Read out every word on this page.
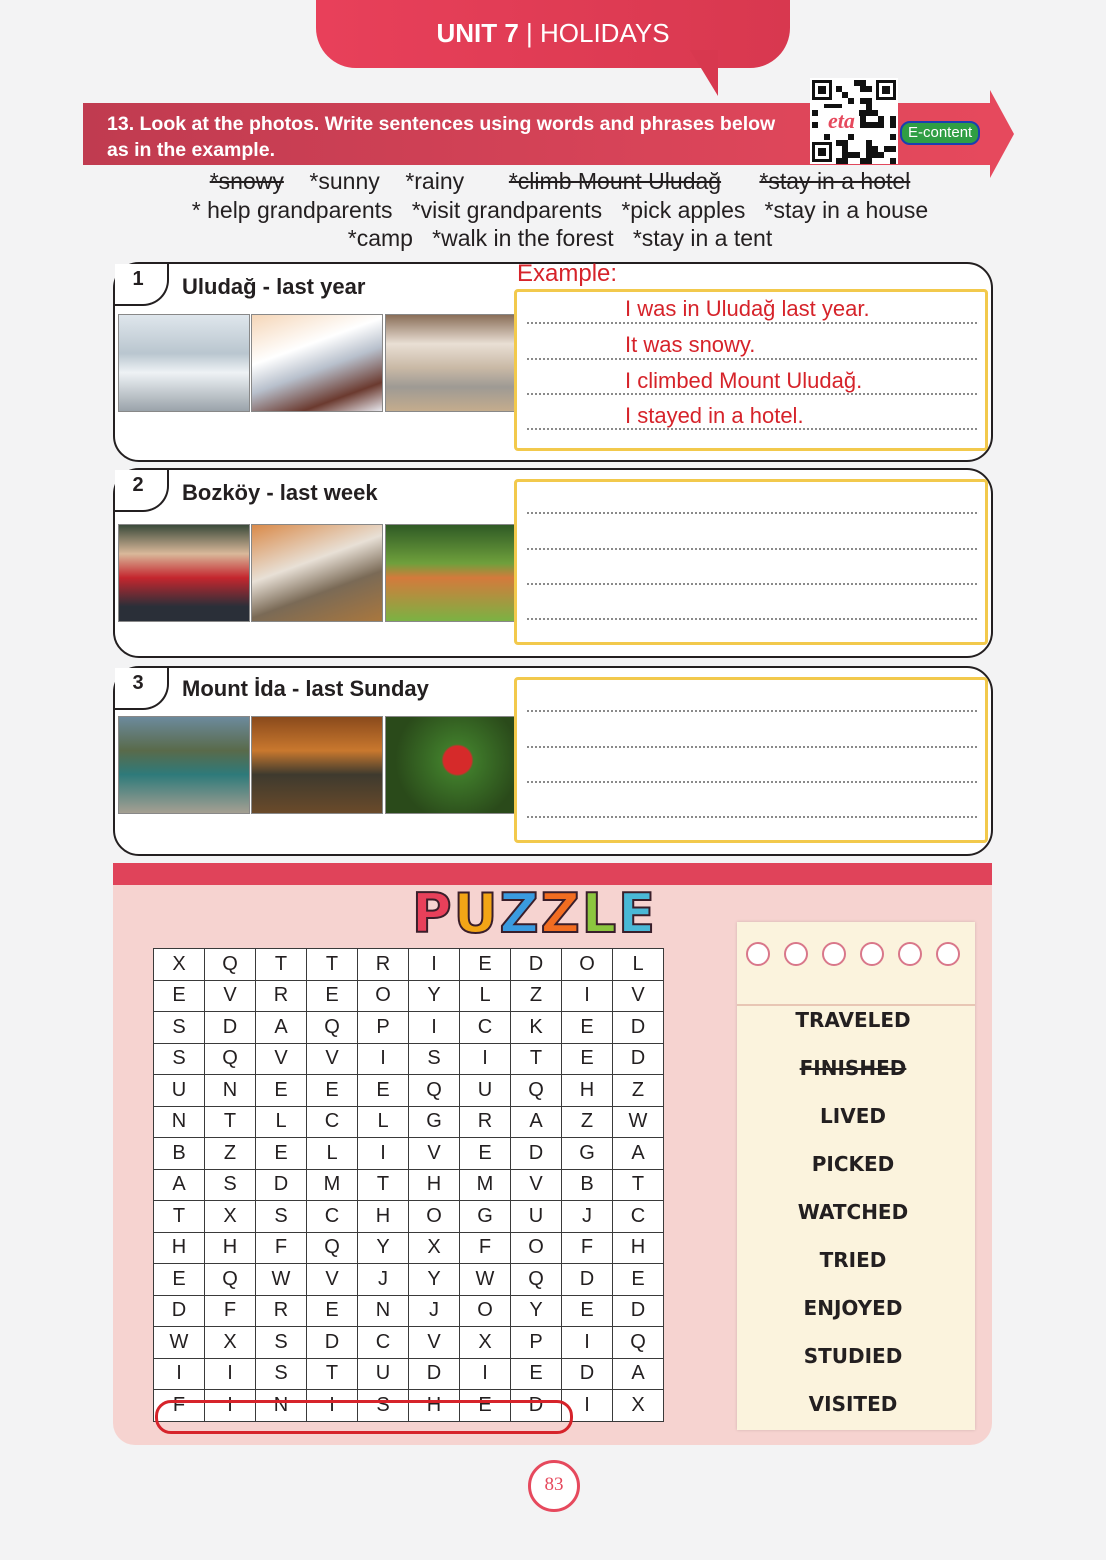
UNIT 7 | HOLIDAYS
13. Look at the photos. Write sentences using words and phrases below as in the example.
eta	E-content
*snowy *sunny *rainy *climb Mount Uludağ *stay in a hotel
* help grandparents   *visit grandparents   *pick apples   *stay in a house
*camp   *walk in the forest   *stay in a tent
1	Uludağ - last year	Example:
I was in Uludağ last year.
It was snowy.
I climbed Mount Uludağ.
I stayed in a hotel.
2	Bozköy - last week
3	Mount İda - last Sunday
PUZZLE
X	Q	T	T	R	I	E	D	O	L
E	V	R	E	O	Y	L	Z	I	V
S	D	A	Q	P	I	C	K	E	D
S	Q	V	V	I	S	I	T	E	D
U	N	E	E	E	Q	U	Q	H	Z
N	T	L	C	L	G	R	A	Z	W
B	Z	E	L	I	V	E	D	G	A
A	S	D	M	T	H	M	V	B	T
T	X	S	C	H	O	G	U	J	C
H	H	F	Q	Y	X	F	O	F	H
E	Q	W	V	J	Y	W	Q	D	E
D	F	R	E	N	J	O	Y	E	D
W	X	S	D	C	V	X	P	I	Q
I	I	S	T	U	D	I	E	D	A
F	I	N	I	S	H	E	D	I	X
TRAVELED
FINISHED
LIVED
PICKED
WATCHED
TRIED
ENJOYED
STUDIED
VISITED
83
